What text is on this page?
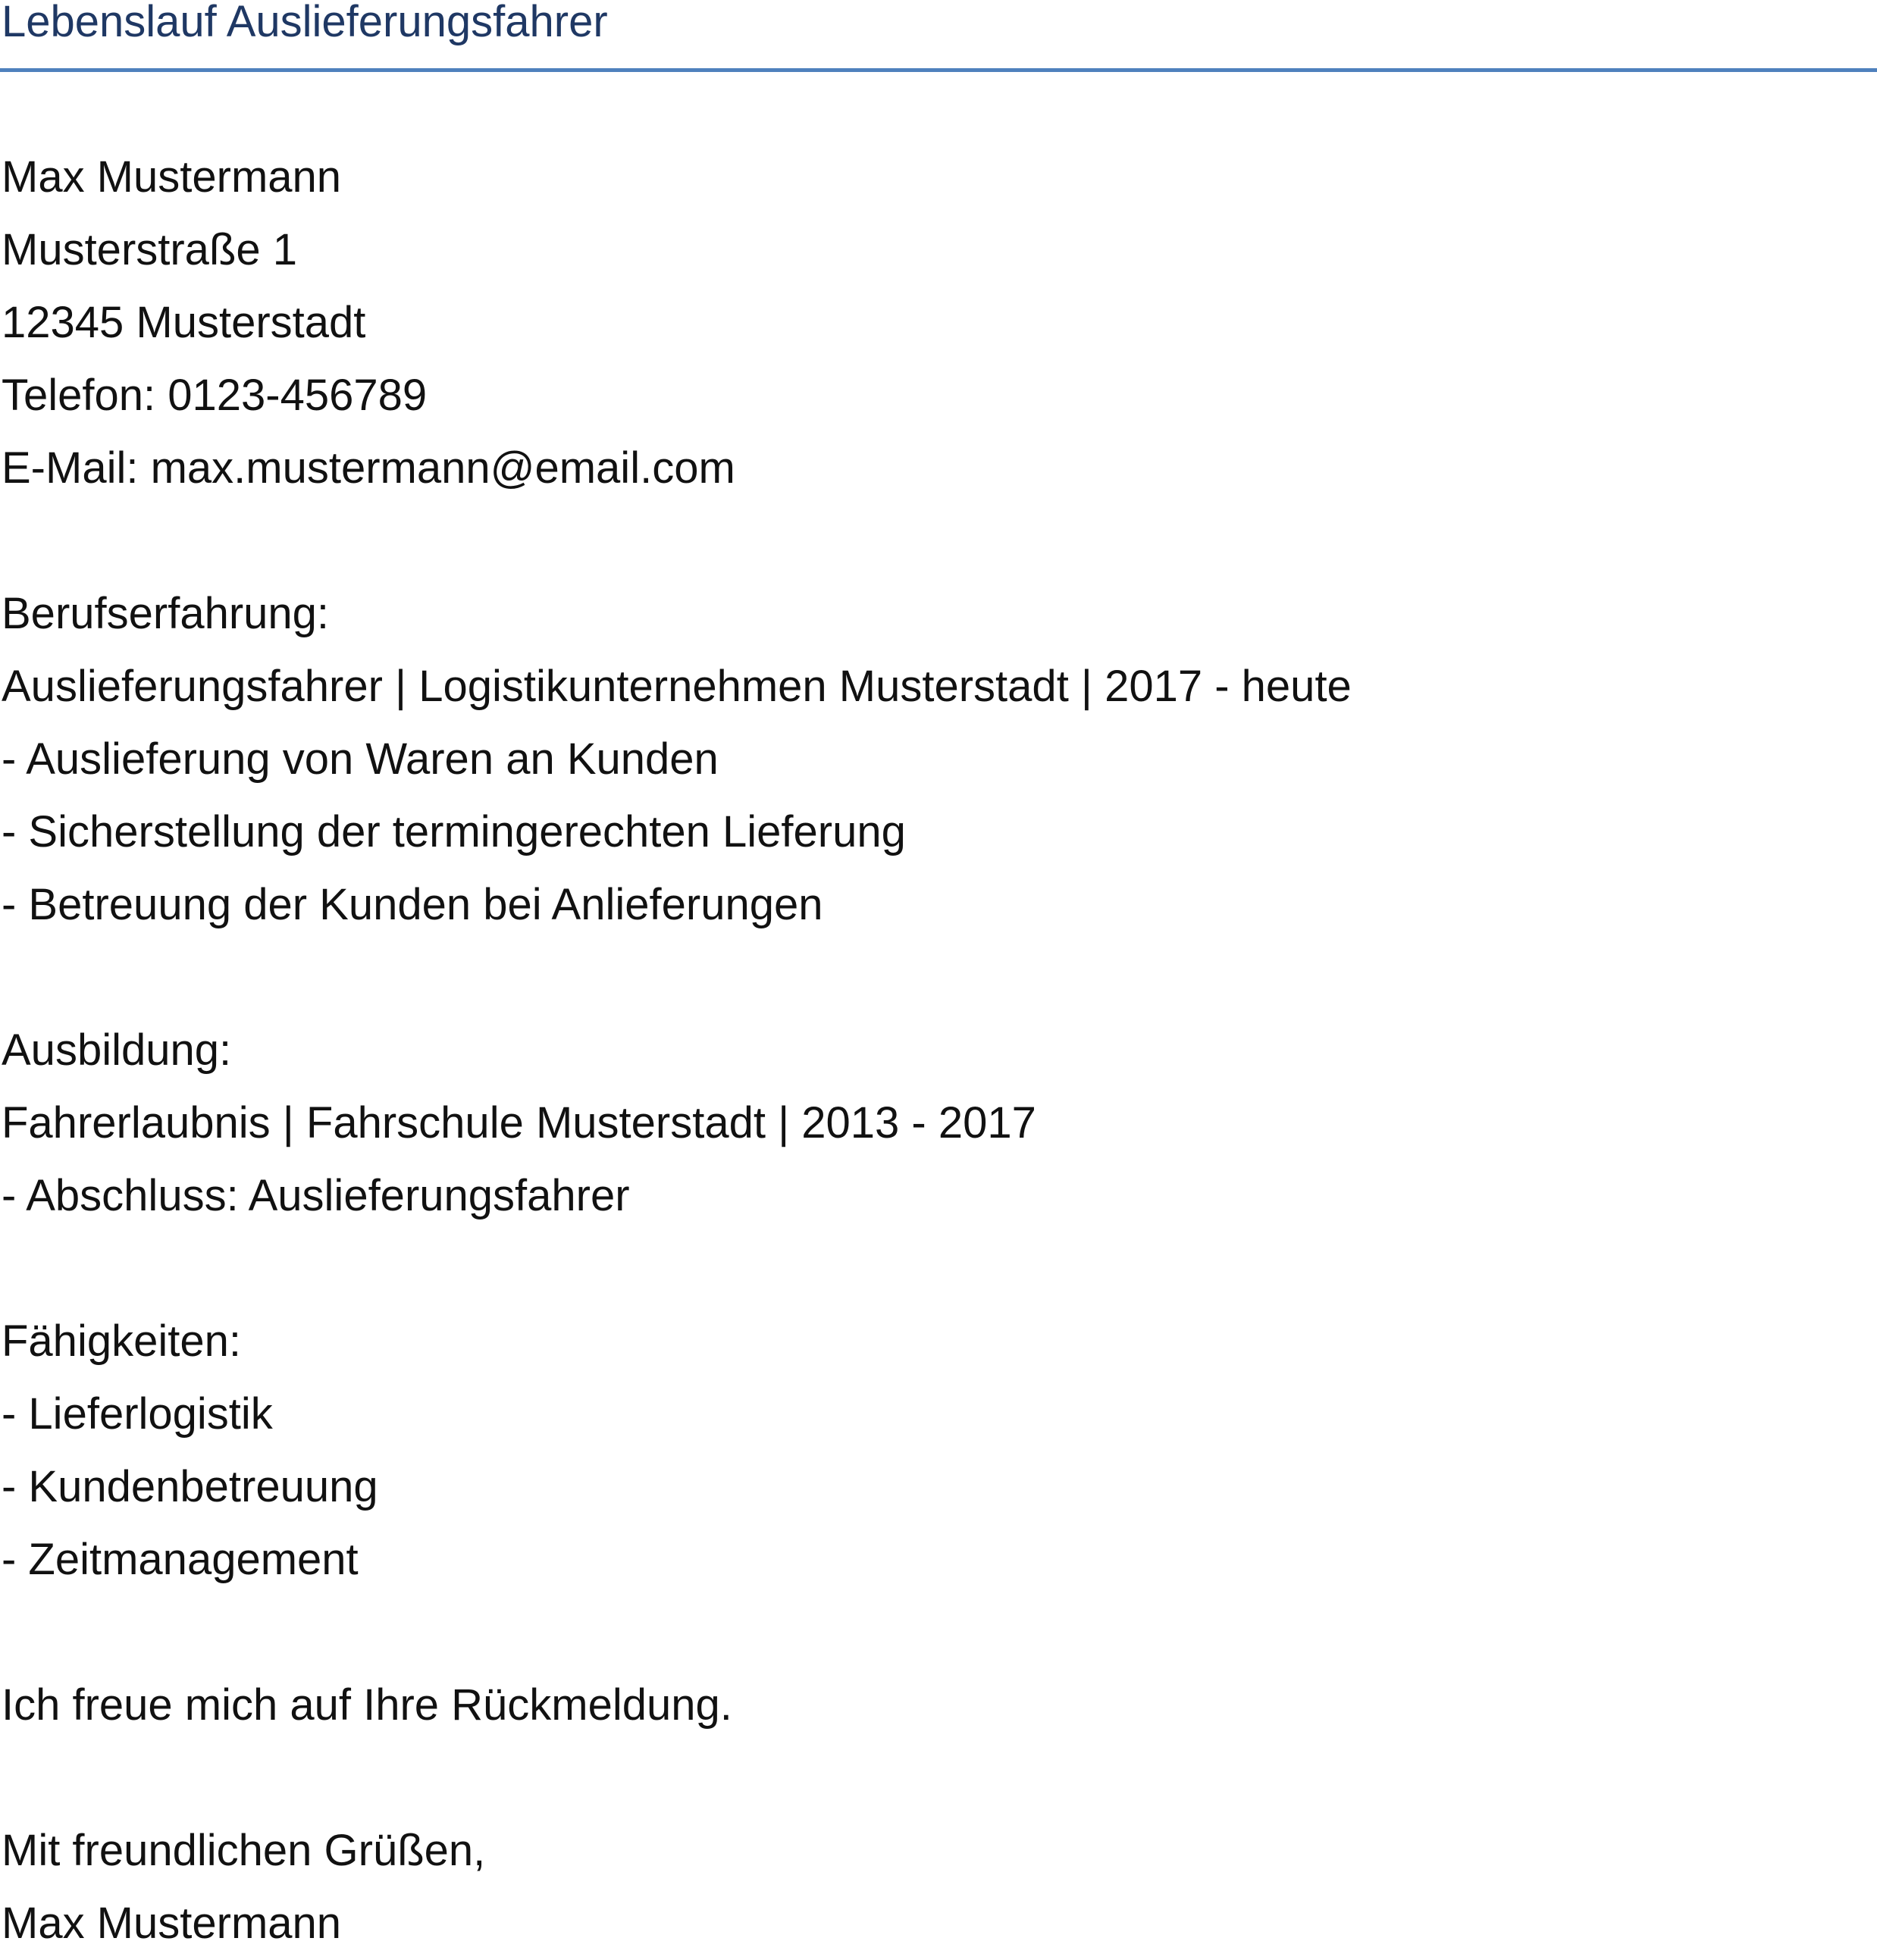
Lebenslauf Auslieferungsfahrer
Max Mustermann
Musterstraße 1
12345 Musterstadt
Telefon: 0123-456789
E-Mail: max.mustermann@email.com
Berufserfahrung:
Auslieferungsfahrer | Logistikunternehmen Musterstadt | 2017 - heute
- Auslieferung von Waren an Kunden
- Sicherstellung der termingerechten Lieferung
- Betreuung der Kunden bei Anlieferungen
Ausbildung:
Fahrerlaubnis | Fahrschule Musterstadt | 2013 - 2017
- Abschluss: Auslieferungsfahrer
Fähigkeiten:
- Lieferlogistik
- Kundenbetreuung
- Zeitmanagement
Ich freue mich auf Ihre Rückmeldung.
Mit freundlichen Grüßen,
Max Mustermann
